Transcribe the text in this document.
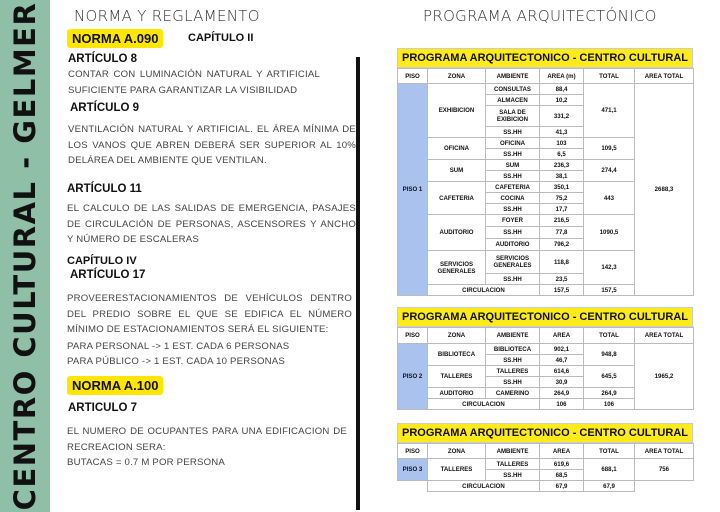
CENTRO CULTURAL - GELMER NORMA Y REGLAMENTO
NORMA A.090	CAPÍTULO II
ARTÍCULO 8
CONTAR CON LUMINACIÓN NATURAL Y ARTIFICIAL SUFICIENTE PARA GARANTIZAR LA VISIBILIDAD
ARTÍCULO 9
VENTILACIÓN NATURAL Y ARTIFICIAL. EL ÁREA MÍNIMA DE LOS VANOS QUE ABREN DEBERÁ SER SUPERIOR AL 10% DELÁREA DEL AMBIENTE QUE VENTILAN.
ARTÍCULO 11
EL CALCULO DE LAS SALIDAS DE EMERGENCIA, PASAJES DE CIRCULACIÓN DE PERSONAS, ASCENSORES Y ANCHO Y NÚMERO DE ESCALERAS
CAPÍTULO IV
ARTÍCULO 17
PROVEERESTACIONAMIENTOS DE VEHÍCULOS DENTRO DEL PREDIO SOBRE EL QUE SE EDIFICA EL NÚMERO MÍNIMO DE ESTACIONAMIENTOS SERÁ EL SIGUIENTE:
PARA PERSONAL -> 1 EST. CADA 6 PERSONAS
PARA PÚBLICO -> 1 EST. CADA 10 PERSONAS
NORMA A.100
ARTICULO 7
EL NUMERO DE OCUPANTES PARA UNA EDIFICACION DE RECREACION SERA:
BUTACAS = 0.7 M POR PERSONA
PROGRAMA ARQUITECTÓNICO
PROGRAMA ARQUITECTONICO - CENTRO CULTURAL
PISO	ZONA	AMBIENTE	AREA (m)	TOTAL	AREA TOTAL
PISO 1	EXHIBICION	CONSULTAS	88,4	471,1	2688,3
		ALMACEN	10,2		
		SALA DE EXIBICION	331,2		
		SS.HH	41,3		
	OFICINA	OFICINA	103	109,5	
		SS.HH	6,5		
	SUM	SUM	236,3	274,4	
		SS.HH	38,1		
	CAFETERIA	CAFETERIA	350,1	443	
		COCINA	75,2		
		SS.HH	17,7		
	AUDITORIO	FOYER	216,5	1090,5	
		SS.HH	77,8		
		AUDITORIO	796,2		
	SERVICIOS GENERALES	SERVICIOS GENERALES	118,8	142,3	
		SS.HH	23,5		
	CIRCULACION		157,5	157,5	
PROGRAMA ARQUITECTONICO - CENTRO CULTURAL
PISO	ZONA	AMBIENTE	AREA	TOTAL	AREA TOTAL
PISO 2	BIBLIOTECA	BIBLIOTECA	902,1	948,8	1965,2
		SS.HH	46,7		
	TALLERES	TALLERES	614,6	645,5	
		SS.HH	30,9		
	AUDITORIO	CAMERINO	264,9	264,9	
	CIRCULACION		106	106	
PROGRAMA ARQUITECTONICO - CENTRO CULTURAL
PISO	ZONA	AMBIENTE	AREA	TOTAL	AREA TOTAL
PISO 3	TALLERES	TALLERES	619,6	688,1	756
		SS.HH	68,5		
	CIRCULACION		67,9	67,9	
